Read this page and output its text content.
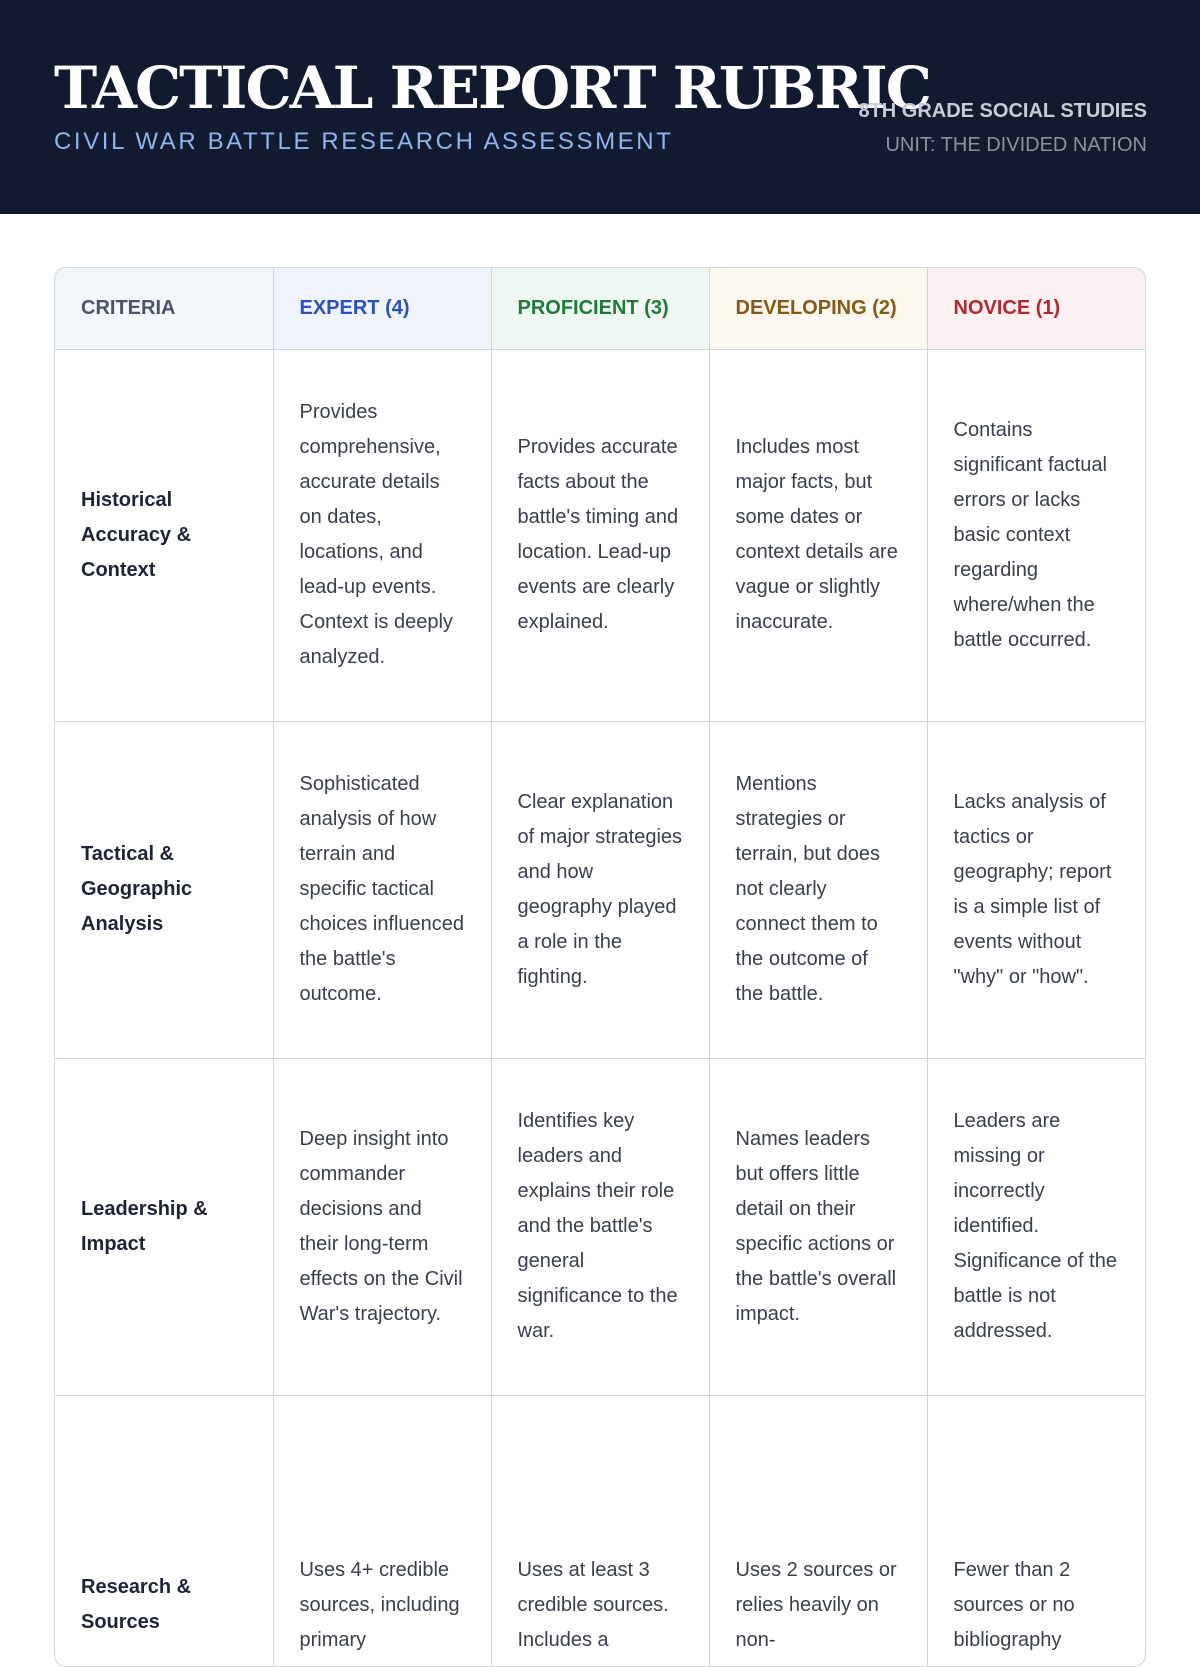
TACTICAL REPORT RUBRIC
CIVIL WAR BATTLE RESEARCH ASSESSMENT
8TH GRADE SOCIAL STUDIES
UNIT: THE DIVIDED NATION
CRITERIA	EXPERT (4)	PROFICIENT (3)	DEVELOPING (2)	NOVICE (1)
Historical Accuracy & Context	Provides comprehensive, accurate details on dates, locations, and lead-up events. Context is deeply analyzed.	Provides accurate facts about the battle's timing and location. Lead-up events are clearly explained.	Includes most major facts, but some dates or context details are vague or slightly inaccurate.	Contains significant factual errors or lacks basic context regarding where/when the battle occurred.
Tactical & Geographic Analysis	Sophisticated analysis of how terrain and specific tactical choices influenced the battle's outcome.	Clear explanation of major strategies and how geography played a role in the fighting.	Mentions strategies or terrain, but does not clearly connect them to the outcome of the battle.	Lacks analysis of tactics or geography; report is a simple list of events without "why" or "how".
Leadership & Impact	Deep insight into commander decisions and their long-term effects on the Civil War's trajectory.	Identifies key leaders and explains their role and the battle's general significance to the war.	Names leaders but offers little detail on their specific actions or the battle's overall impact.	Leaders are missing or incorrectly identified. Significance of the battle is not addressed.
Research & Sources	Uses 4+ credible sources, including primary	Uses at least 3 credible sources. Includes a	Uses 2 sources or relies heavily on non-	Fewer than 2 sources or no bibliography
